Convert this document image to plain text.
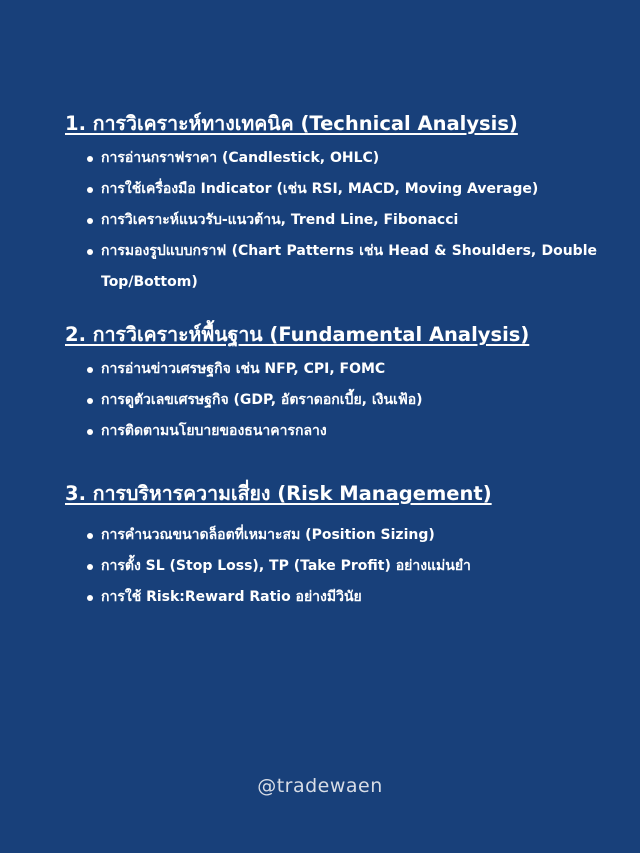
1. การวิเคราะห์ทางเทคนิค (Technical Analysis)
การอ่านกราฟราคา (Candlestick, OHLC)
การใช้เครื่องมือ Indicator (เช่น RSI, MACD, Moving Average)
การวิเคราะห์แนวรับ-แนวต้าน, Trend Line, Fibonacci
การมองรูปแบบกราฟ (Chart Patterns เช่น Head & Shoulders, Double Top/Bottom)
2. การวิเคราะห์พื้นฐาน (Fundamental Analysis)
การอ่านข่าวเศรษฐกิจ เช่น NFP, CPI, FOMC
การดูตัวเลขเศรษฐกิจ (GDP, อัตราดอกเบี้ย, เงินเฟ้อ)
การติดตามนโยบายของธนาคารกลาง
3. การบริหารความเสี่ยง (Risk Management)
การคำนวณขนาดล็อตที่เหมาะสม (Position Sizing)
การตั้ง SL (Stop Loss), TP (Take Profit) อย่างแม่นยำ
การใช้ Risk:Reward Ratio อย่างมีวินัย
@tradewaen
